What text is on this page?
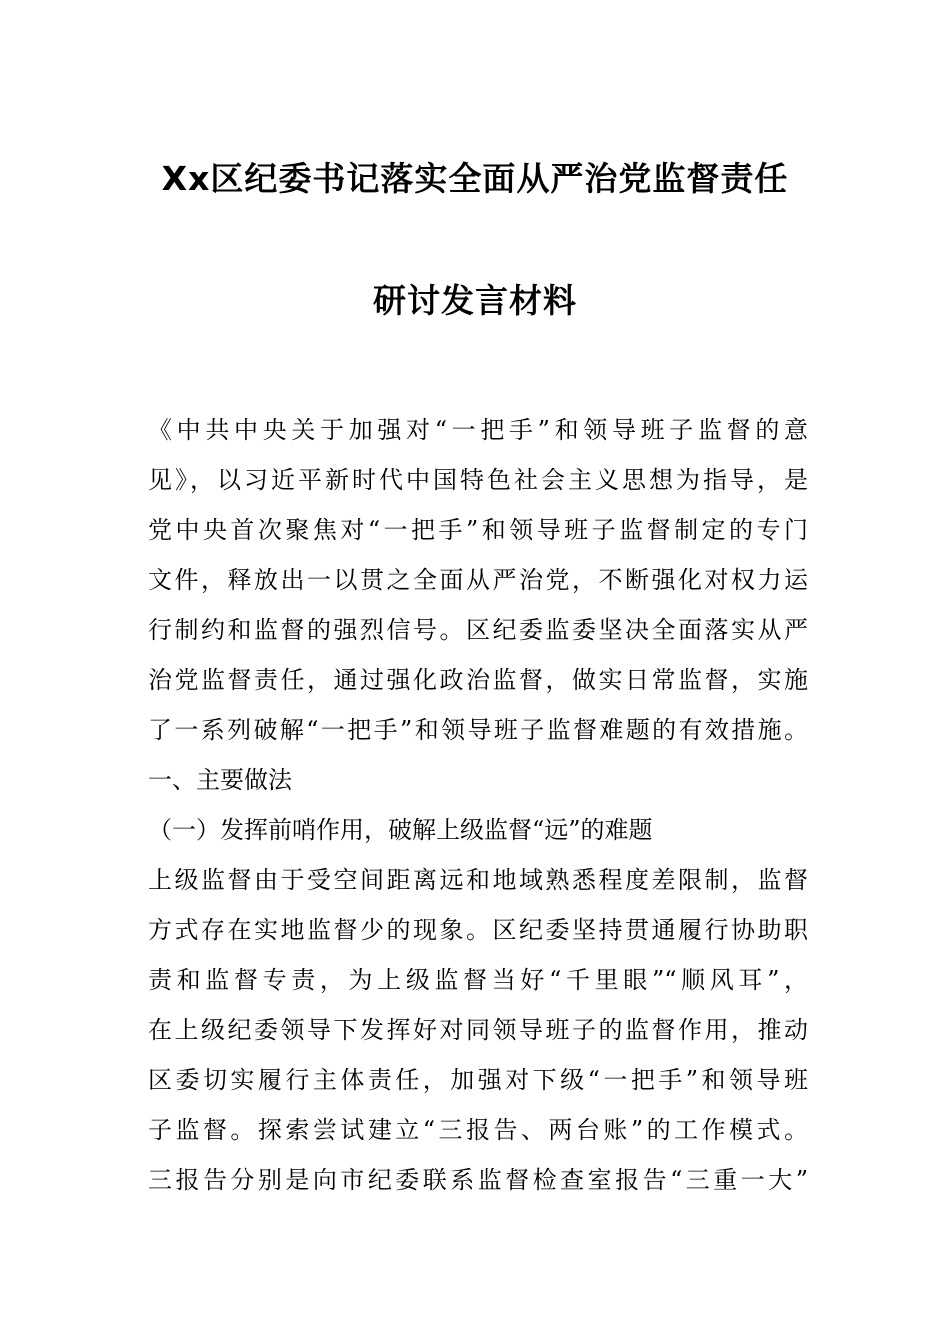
Xx区纪委书记落实全面从严治党监督责任
研讨发言材料

《中共中央关于加强对“一把手”和领导班子监督的意

见》，以习近平新时代中国特色社会主义思想为指导，是

党中央首次聚焦对“一把手”和领导班子监督制定的专门

文件，释放出一以贯之全面从严治党，不断强化对权力运

行制约和监督的强烈信号。区纪委监委坚决全面落实从严

治党监督责任，通过强化政治监督，做实日常监督，实施

了一系列破解“一把手”和领导班子监督难题的有效措施。

一、主要做法

（一）发挥前哨作用，破解上级监督“远”的难题

上级监督由于受空间距离远和地域熟悉程度差限制，监督

方式存在实地监督少的现象。区纪委坚持贯通履行协助职

责和监督专责，为上级监督当好“千里眼”“顺风耳”，

在上级纪委领导下发挥好对同领导班子的监督作用，推动

区委切实履行主体责任，加强对下级“一把手”和领导班

子监督。探索尝试建立“三报告、两台账”的工作模式。

三报告分别是向市纪委联系监督检查室报告“三重一大”
